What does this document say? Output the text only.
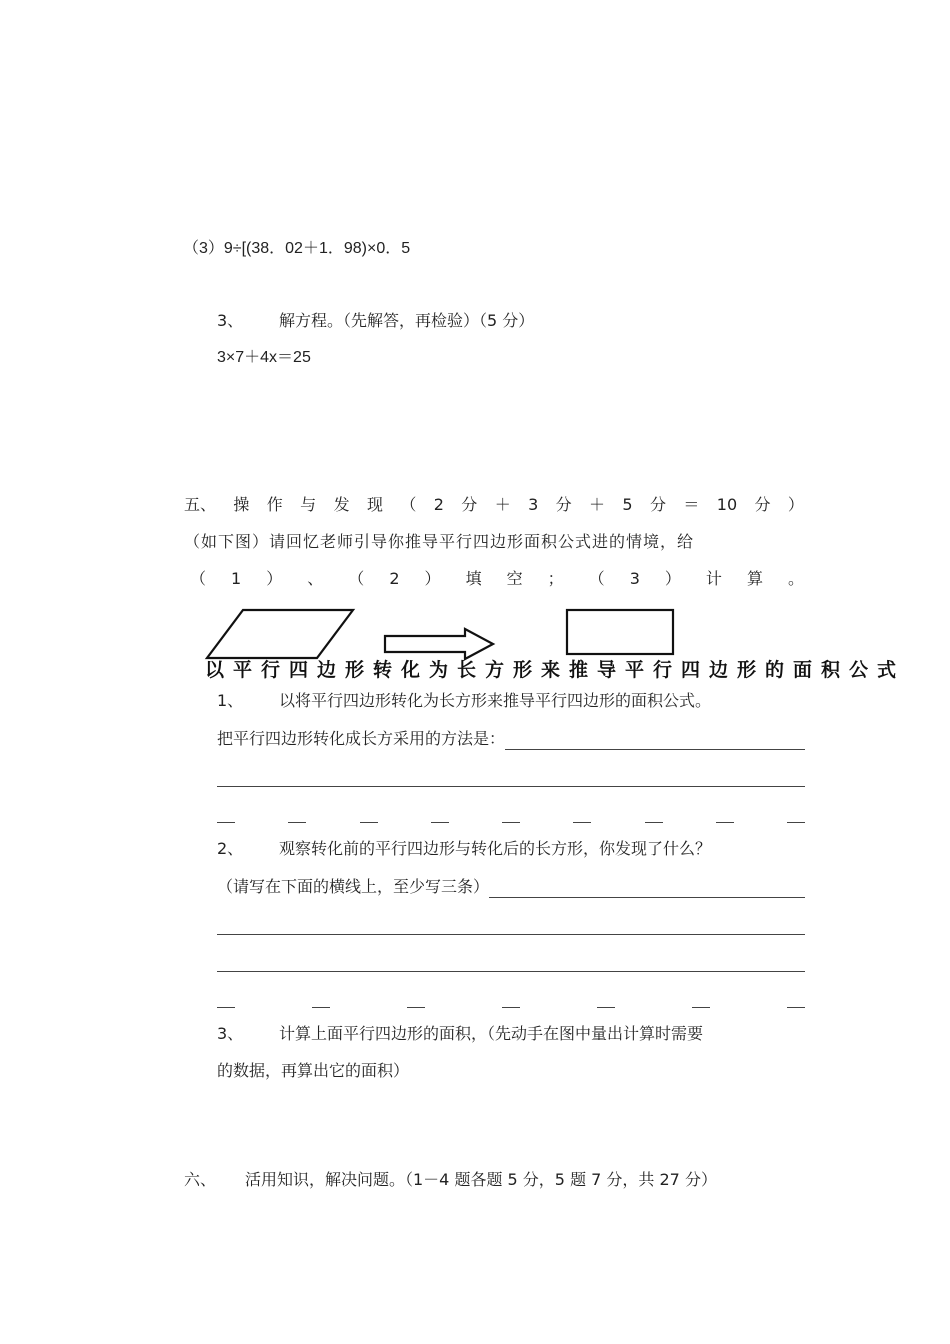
（3）9÷[(38．02＋1．98)×0．5
3、 解方程。（先解答，再检验）（5 分）
3×7＋4x＝25
五、 操 作 与 发 现 （ 2 分 ＋ 3 分 ＋ 5 分 ＝ 10 分 ）
（如下图）请回忆老师引导你推导平行四边形面积公式进的情境，给
（ 1 ） 、 （ 2 ） 填 空 ； （ 3 ） 计 算 。
以平行四边形转化为长方形来推导平行四边形的面积公式
1、 以将平行四边形转化为长方形来推导平行四边形的面积公式。
把平行四边形转化成长方采用的方法是：
2、 观察转化前的平行四边形与转化后的长方形，你发现了什么？
（请写在下面的横线上，至少写三条）
3、 计算上面平行四边形的面积，（先动手在图中量出计算时需要
的数据，再算出它的面积）
六、 活用知识，解决问题。（1－4 题各题 5 分，5 题 7 分，共 27 分）
